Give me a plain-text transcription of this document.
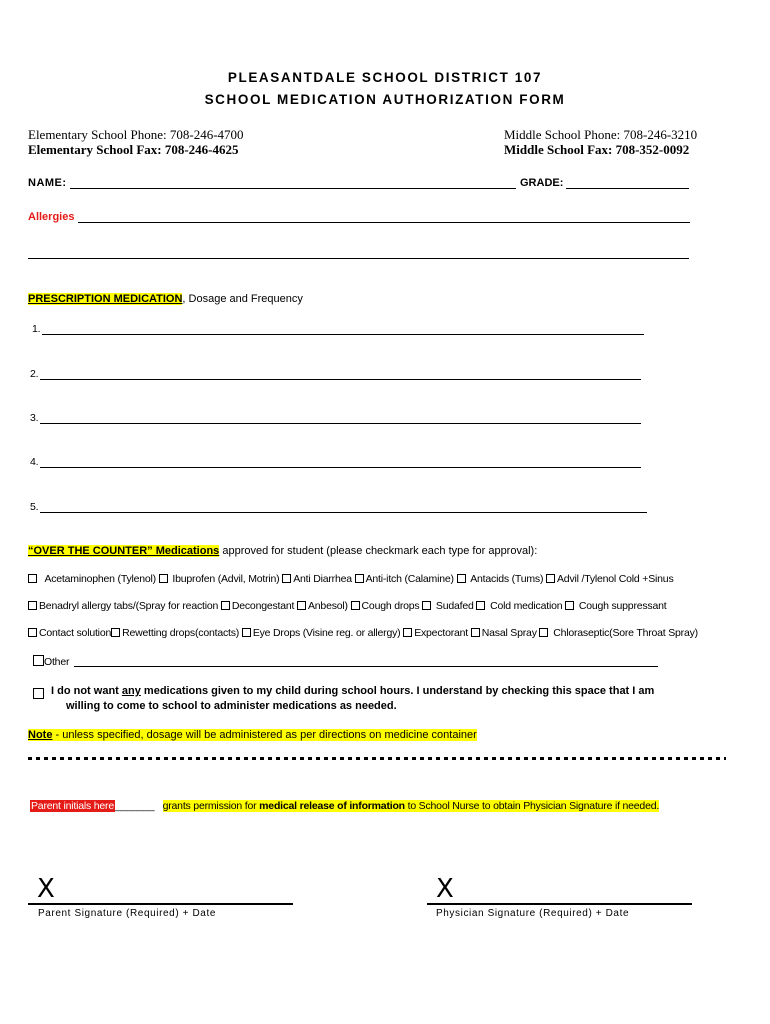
PLEASANTDALE SCHOOL DISTRICT 107
SCHOOL MEDICATION AUTHORIZATION FORM
Elementary School Phone: 708-246-4700
Elementary School Fax: 708-246-4625
Middle School Phone: 708-246-3210
Middle School Fax: 708-352-0092
NAME:	GRADE:
Allergies
PRESCRIPTION MEDICATION, Dosage and Frequency
1.
2.
3.
4.
5.
“OVER THE COUNTER” Medications approved for student (please checkmark each type for approval):
Acetaminophen (Tylenol) Ibuprofen (Advil, Motrin) Anti Diarrhea Anti-itch (Calamine) Antacids (Tums) Advil /Tylenol Cold +Sinus
Benadryl allergy tabs/(Spray for reaction Decongestant Anbesol) Cough drops Sudafed Cold medication Cough suppressant
Contact solution Rewetting drops(contacts) Eye Drops (Visine reg. or allergy) Expectorant Nasal Spray Chloraseptic(Sore Throat Spray)
Other
I do not want any medications given to my child during school hours. I understand by checking this space that I am
willing to come to school to administer medications as needed.
Note - unless specified, dosage will be administered as per directions on medicine container
Parent initials here_______ grants permission for medical release of information to School Nurse to obtain Physician Signature if needed.
X
Parent Signature (Required) + Date
X
Physician Signature (Required) + Date
